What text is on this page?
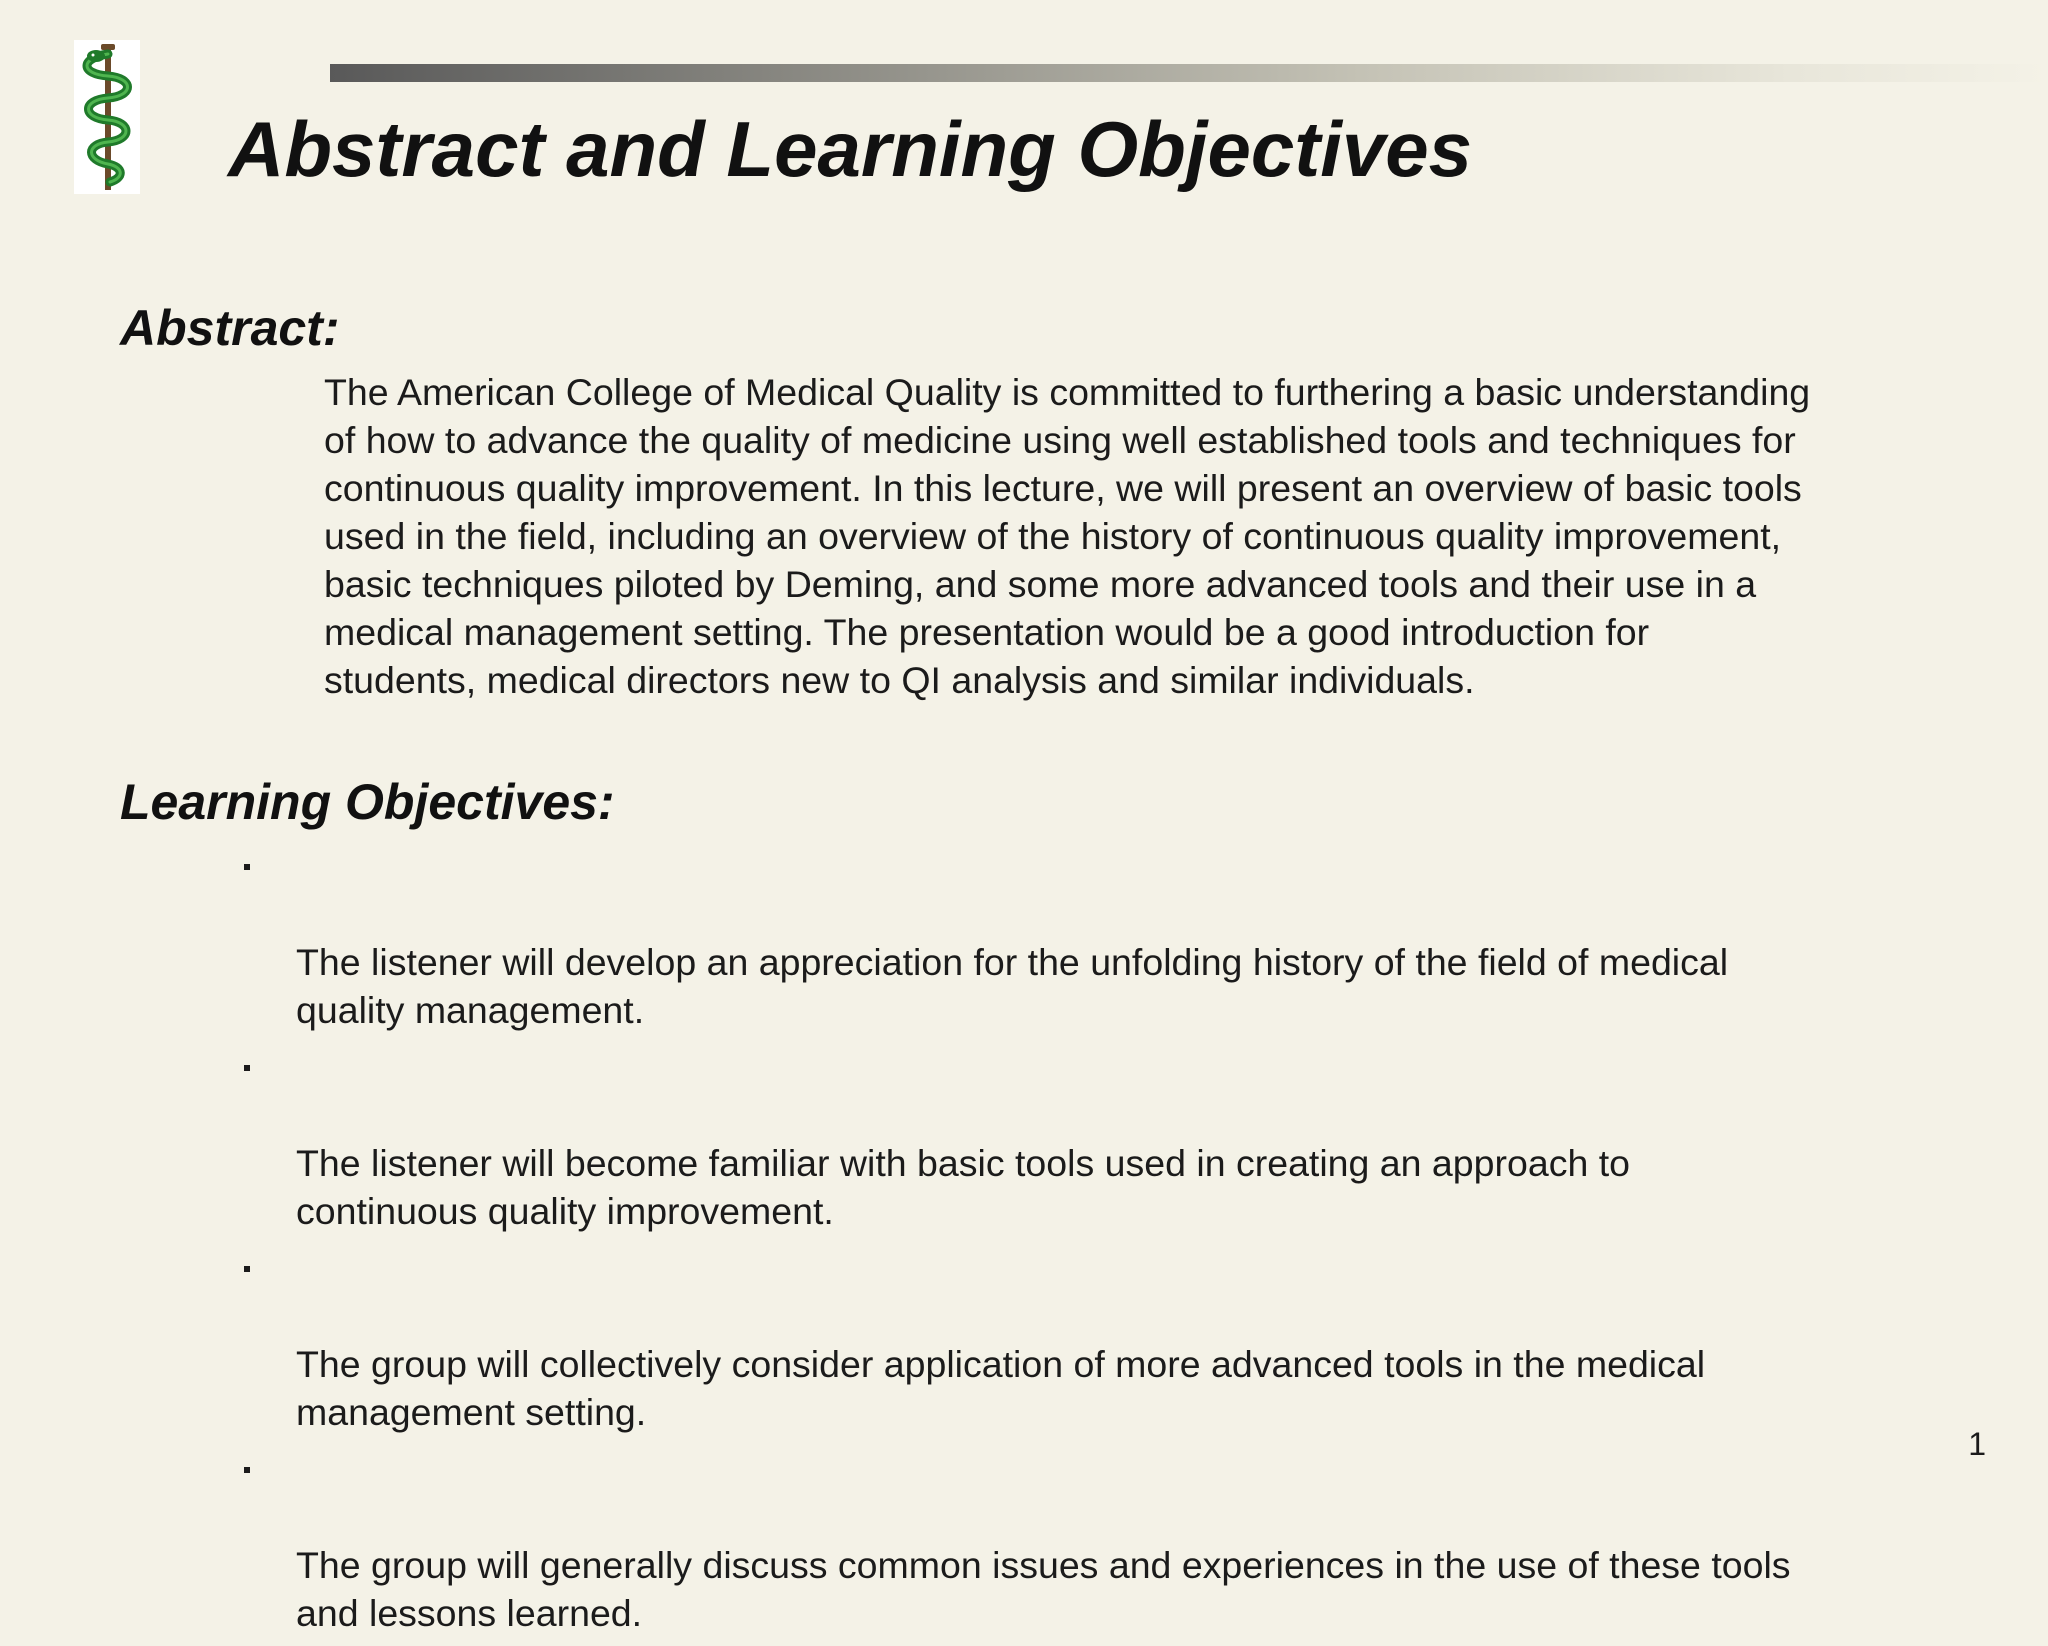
Abstract and Learning Objectives
Abstract:

The American College of Medical Quality is committed to furthering a basic understanding
of how to advance the quality of medicine using well established tools and techniques for
continuous quality improvement. In this lecture, we will present an overview of basic tools
used in the field, including an overview of the history of continuous quality improvement,
basic techniques piloted by Deming, and some more advanced tools and their use in a
medical management setting. The presentation would be a good introduction for
students, medical directors new to QI analysis and similar individuals.

Learning Objectives:

The listener will develop an appreciation for the unfolding history of the field of medical
quality management.

The listener will become familiar with basic tools used in creating an approach to
continuous quality improvement.

The group will collectively consider application of more advanced tools in the medical
management setting.

The group will generally discuss common issues and experiences in the use of these tools
and lessons learned.

1
